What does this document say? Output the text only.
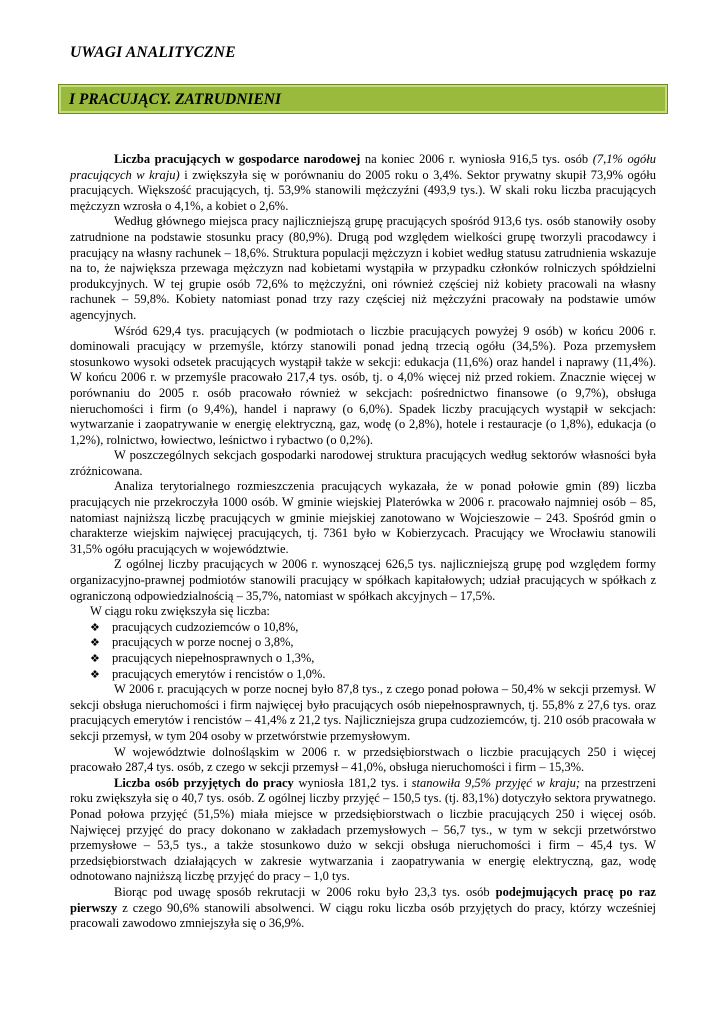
UWAGI ANALITYCZNE
I PRACUJĄCY. ZATRUDNIENI

Liczba pracujących w gospodarce narodowej na koniec 2006 r. wyniosła 916,5 tys. osób (7,1% ogółu pracujących w kraju) i zwiększyła się w porównaniu do 2005 roku o 3,4%. Sektor prywatny skupił 73,9% ogółu pracujących. Większość pracujących, tj. 53,9% stanowili mężczyźni (493,9 tys.). W skali roku liczba pracujących mężczyzn wzrosła o 4,1%, a kobiet o 2,6%.

Według głównego miejsca pracy najliczniejszą grupę pracujących spośród 913,6 tys. osób stanowiły osoby zatrudnione na podstawie stosunku pracy (80,9%). Drugą pod względem wielkości grupę tworzyli pracodawcy i pracujący na własny rachunek – 18,6%. Struktura populacji mężczyzn i kobiet według statusu zatrudnienia wskazuje na to, że największa przewaga mężczyzn nad kobietami wystąpiła w przypadku członków rolniczych spółdzielni produkcyjnych. W tej grupie osób 72,6% to mężczyźni, oni również częściej niż kobiety pracowali na własny rachunek – 59,8%. Kobiety natomiast ponad trzy razy częściej niż mężczyźni pracowały na podstawie umów agencyjnych.

Wśród 629,4 tys. pracujących (w podmiotach o liczbie pracujących powyżej 9 osób) w końcu 2006 r. dominowali pracujący w przemyśle, którzy stanowili ponad jedną trzecią ogółu (34,5%). Poza przemysłem stosunkowo wysoki odsetek pracujących wystąpił także w sekcji: edukacja (11,6%) oraz handel i naprawy (11,4%). W końcu 2006 r. w przemyśle pracowało 217,4 tys. osób, tj. o 4,0% więcej niż przed rokiem. Znacznie więcej w porównaniu do 2005 r. osób pracowało również w sekcjach: pośrednictwo finansowe (o 9,7%), obsługa nieruchomości i firm (o 9,4%), handel i naprawy (o 6,0%). Spadek liczby pracujących wystąpił w sekcjach: wytwarzanie i zaopatrywanie w energię elektryczną, gaz, wodę (o 2,8%), hotele i restauracje (o 1,8%), edukacja (o 1,2%), rolnictwo, łowiectwo, leśnictwo i rybactwo (o 0,2%).

W poszczególnych sekcjach gospodarki narodowej struktura pracujących według sektorów własności była zróżnicowana.

Analiza terytorialnego rozmieszczenia pracujących wykazała, że w ponad połowie gmin (89) liczba pracujących nie przekroczyła 1000 osób. W gminie wiejskiej Platerówka w 2006 r. pracowało najmniej osób – 85, natomiast najniższą liczbę pracujących w gminie miejskiej zanotowano w Wojcieszowie – 243. Spośród gmin o charakterze wiejskim najwięcej pracujących, tj. 7361 było w Kobierzycach. Pracujący we Wrocławiu stanowili 31,5% ogółu pracujących w województwie.

Z ogólnej liczby pracujących w 2006 r. wynoszącej 626,5 tys. najliczniejszą grupę pod względem formy organizacyjno-prawnej podmiotów stanowili pracujący w spółkach kapitałowych; udział pracujących w spółkach z ograniczoną odpowiedzialnością – 35,7%, natomiast w spółkach akcyjnych – 17,5%.

W ciągu roku zwiększyła się liczba:

❖ pracujących cudzoziemców o 10,8%,
❖ pracujących w porze nocnej o 3,8%,
❖ pracujących niepełnosprawnych o 1,3%,
❖ pracujących emerytów i rencistów o 1,0%.

W 2006 r. pracujących w porze nocnej było 87,8 tys., z czego ponad połowa – 50,4% w sekcji przemysł. W sekcji obsługa nieruchomości i firm najwięcej było pracujących osób niepełnosprawnych, tj. 55,8% z 27,6 tys. oraz pracujących emerytów i rencistów – 41,4% z 21,2 tys. Najliczniejsza grupa cudzoziemców, tj. 210 osób pracowała w sekcji przemysł, w tym 204 osoby w przetwórstwie przemysłowym.

W województwie dolnośląskim w 2006 r. w przedsiębiorstwach o liczbie pracujących 250 i więcej pracowało 287,4 tys. osób, z czego w sekcji przemysł – 41,0%, obsługa nieruchomości i firm – 15,3%.

Liczba osób przyjętych do pracy wyniosła 181,2 tys. i stanowiła 9,5% przyjęć w kraju; na przestrzeni roku zwiększyła się o 40,7 tys. osób. Z ogólnej liczby przyjęć – 150,5 tys. (tj. 83,1%) dotyczyło sektora prywatnego. Ponad połowa przyjęć (51,5%) miała miejsce w przedsiębiorstwach o liczbie pracujących 250 i więcej osób. Najwięcej przyjęć do pracy dokonano w zakładach przemysłowych – 56,7 tys., w tym w sekcji przetwórstwo przemysłowe – 53,5 tys., a także stosunkowo dużo w sekcji obsługa nieruchomości i firm – 45,4 tys. W przedsiębiorstwach działających w zakresie wytwarzania i zaopatrywania w energię elektryczną, gaz, wodę odnotowano najniższą liczbę przyjęć do pracy – 1,0 tys.

Biorąc pod uwagę sposób rekrutacji w 2006 roku było 23,3 tys. osób podejmujących pracę po raz pierwszy z czego 90,6% stanowili absolwenci. W ciągu roku liczba osób przyjętych do pracy, którzy wcześniej pracowali zawodowo zmniejszyła się o 36,9%.
